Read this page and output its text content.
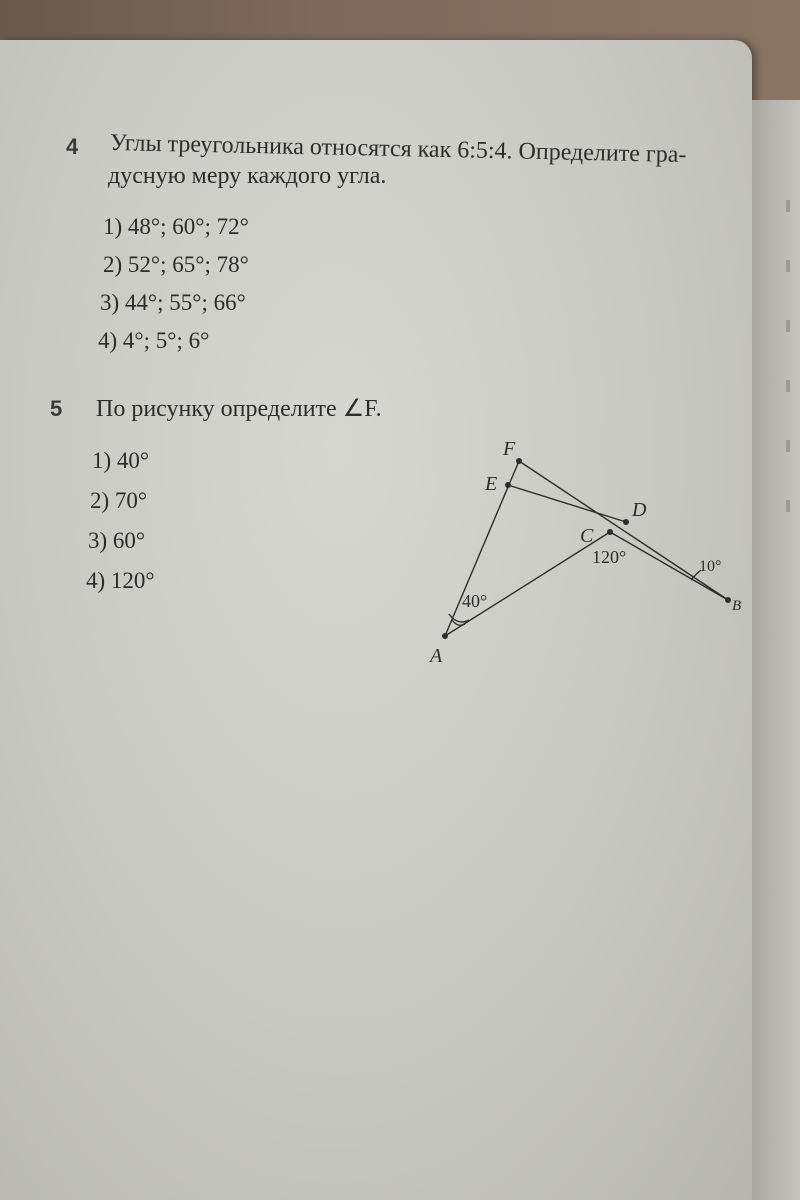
4 Углы треугольника относятся как 6:5:4. Определите гра-
дусную меру каждого угла.
1) 48°; 60°; 72°
2) 52°; 65°; 78°
3) 44°; 55°; 66°
4) 4°; 5°; 6°
5 По рисунку определите ∠F.
1) 40°
2) 70°
3) 60°
4) 120°
F
E
D
C
A
B
40°
120°	10°
